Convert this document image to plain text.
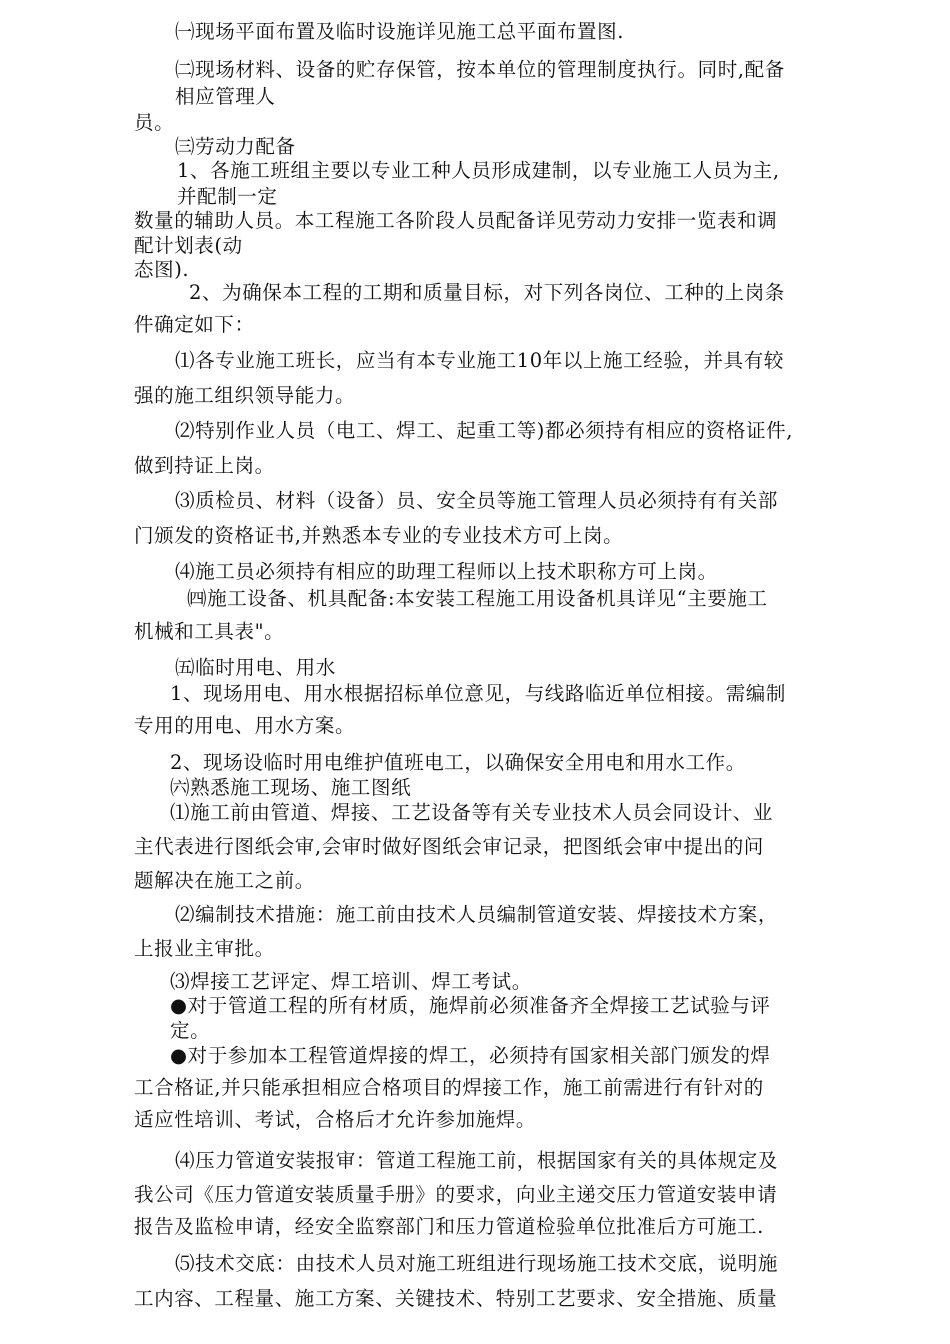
㈠现场平面布置及临时设施详见施工总平面布置图.
㈡现场材料、设备的贮存保管，按本单位的管理制度执行。同时,配备
相应管理人
员。
㈢劳动力配备
1、各施工班组主要以专业工种人员形成建制，以专业施工人员为主,
并配制一定
数量的辅助人员。本工程施工各阶段人员配备详见劳动力安排一览表和调
配计划表(动
态图).
2、为确保本工程的工期和质量目标，对下列各岗位、工种的上岗条
件确定如下：
⑴各专业施工班长，应当有本专业施工10年以上施工经验，并具有较
强的施工组织领导能力。
⑵特别作业人员（电工、焊工、起重工等)都必须持有相应的资格证件,
做到持证上岗。
⑶质检员、材料（设备）员、安全员等施工管理人员必须持有有关部
门颁发的资格证书,并熟悉本专业的专业技术方可上岗。
⑷施工员必须持有相应的助理工程师以上技术职称方可上岗。
㈣施工设备、机具配备:本安装工程施工用设备机具详见“主要施工
机械和工具表"。
㈤临时用电、用水
1、现场用电、用水根据招标单位意见，与线路临近单位相接。需编制
专用的用电、用水方案。
2、现场设临时用电维护值班电工，以确保安全用电和用水工作。
㈥熟悉施工现场、施工图纸
⑴施工前由管道、焊接、工艺设备等有关专业技术人员会同设计、业
主代表进行图纸会审,会审时做好图纸会审记录，把图纸会审中提出的问
题解决在施工之前。
⑵编制技术措施：施工前由技术人员编制管道安装、焊接技术方案，
上报业主审批。
⑶焊接工艺评定、焊工培训、焊工考试。
●对于管道工程的所有材质，施焊前必须准备齐全焊接工艺试验与评
定。
●对于参加本工程管道焊接的焊工，必须持有国家相关部门颁发的焊
工合格证,并只能承担相应合格项目的焊接工作，施工前需进行有针对的
适应性培训、考试，合格后才允许参加施焊。
⑷压力管道安装报审：管道工程施工前，根据国家有关的具体规定及
我公司《压力管道安装质量手册》的要求，向业主递交压力管道安装申请
报告及监检申请，经安全监察部门和压力管道检验单位批准后方可施工.
⑸技术交底：由技术人员对施工班组进行现场施工技术交底，说明施
工内容、工程量、施工方案、关键技术、特别工艺要求、安全措施、质量
